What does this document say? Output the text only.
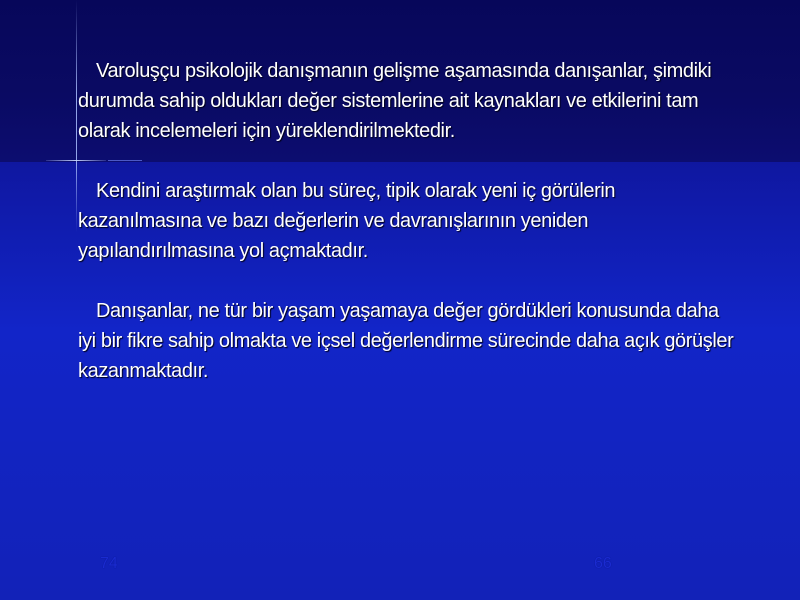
Varoluşçu psikolojik danışmanın gelişme aşamasında danışanlar, şimdiki durumda sahip oldukları değer sistemlerine ait kaynakları ve etkilerini tam olarak incelemeleri için yüreklendirilmektedir.

Kendini araştırmak olan bu süreç, tipik olarak yeni iç görülerin kazanılmasına ve bazı değerlerin ve davranışlarının yeniden yapılandırılmasına yol açmaktadır.

Danışanlar, ne tür bir yaşam yaşamaya değer gördükleri konusunda daha iyi bir fikre sahip olmakta ve içsel değerlendirme sürecinde daha açık görüşler kazanmaktadır.

74	66
